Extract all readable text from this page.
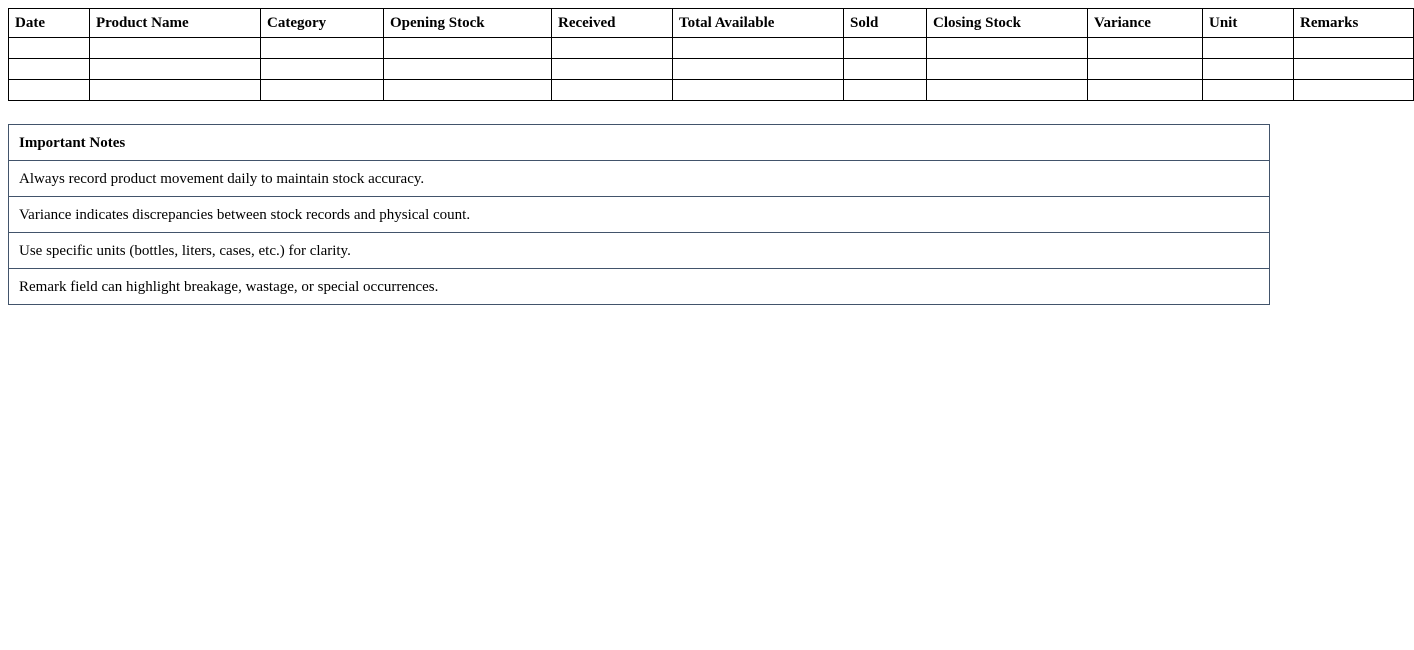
Date	Product Name	Category	Opening Stock	Received	Total Available	Sold	Closing Stock	Variance	Unit	Remarks

Important Notes
Always record product movement daily to maintain stock accuracy.
Variance indicates discrepancies between stock records and physical count.
Use specific units (bottles, liters, cases, etc.) for clarity.
Remark field can highlight breakage, wastage, or special occurrences.
